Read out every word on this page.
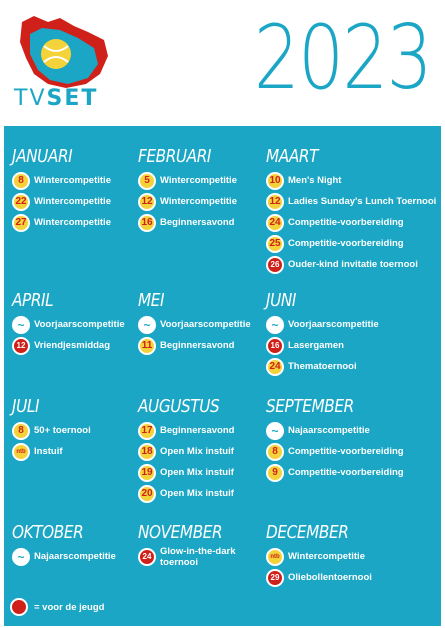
TVSET 2023
JANUARI
8	Wintercompetitie
22 Wintercompetitie
27 Wintercompetitie
FEBRUARI
5	Wintercompetitie
12 Wintercompetitie
16 Beginnersavond
MAART
10 Men's Night
12 Ladies Sunday's Lunch Toernooi
24 Competitie-voorbereiding
25 Competitie-voorbereiding
26 Ouder-kind invitatie toernooi
APRIL
~	Voorjaarscompetitie
12 Vriendjesmiddag
MEI
~	Voorjaarscompetitie
11 Beginnersavond
JUNI
~	Voorjaarscompetitie
16 Lasergamen
24 Thematoernooi
JULI
8	50+ toernooi
ntb Instuif
AUGUSTUS
17 Beginnersavond
18 Open Mix instuif
19 Open Mix instuif
20 Open Mix instuif
SEPTEMBER
~	Najaarscompetitie
8	Competitie-voorbereiding
9	Competitie-voorbereiding
OKTOBER
~	Najaarscompetitie
NOVEMBER
24 Glow-in-the-dark toernooi
DECEMBER
ntb Wintercompetitie
29 Oliebollentoernooi
= voor de jeugd
